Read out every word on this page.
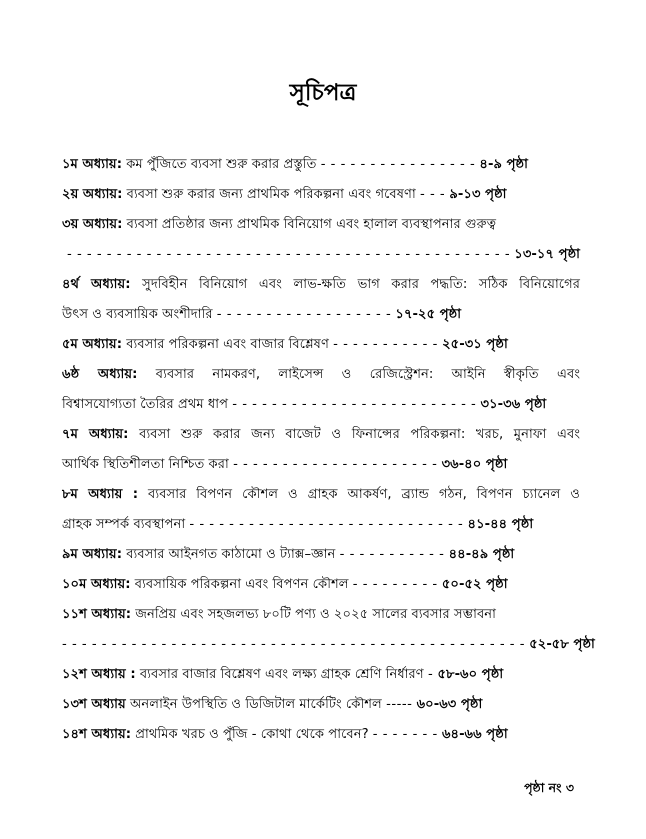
সূচিপত্র
১ম অধ্যায়: কম পুঁজিতে ব্যবসা শুরু করার প্রস্তুতি - - - - - - - - - - - - - - - - ৪-৯ পৃষ্ঠা
২য় অধ্যায়: ব্যবসা শুরু করার জন্য প্রাথমিক পরিকল্পনা এবং গবেষণা - - - ৯-১৩ পৃষ্ঠা
৩য় অধ্যায়: ব্যবসা প্রতিষ্ঠার জন্য প্রাথমিক বিনিয়োগ এবং হালাল ব্যবস্থাপনার গুরুত্ব
- - - - - - - - - - - - - - - - - - - - - - - - - - - - - - - - - - - - - - - - - - - - - ১৩-১৭ পৃষ্ঠা
৪র্থ অধ্যায়: সুদবিহীন বিনিয়োগ এবং লাভ-ক্ষতি ভাগ করার পদ্ধতি: সঠিক বিনিয়োগের
উৎস ও ব্যবসায়িক অংশীদারি - - - - - - - - - - - - - - - - - - ১৭-২৫ পৃষ্ঠা
৫ম অধ্যায়: ব্যবসার পরিকল্পনা এবং বাজার বিশ্লেষণ - - - - - - - - - - - ২৫-৩১ পৃষ্ঠা
৬ষ্ঠ অধ্যায়: ব্যবসার নামকরণ, লাইসেন্স ও রেজিস্ট্রেশন: আইনি স্বীকৃতি এবং
বিশ্বাসযোগ্যতা তৈরির প্রথম ধাপ - - - - - - - - - - - - - - - - - - - - - - - - - ৩১-৩৬ পৃষ্ঠা
৭ম অধ্যায়: ব্যবসা শুরু করার জন্য বাজেট ও ফিনান্সের পরিকল্পনা: খরচ, মুনাফা এবং
আর্থিক স্থিতিশীলতা নিশ্চিত করা - - - - - - - - - - - - - - - - - - - - - ৩৬-৪০ পৃষ্ঠা
৮ম অধ্যায় : ব্যবসার বিপণন কৌশল ও গ্রাহক আকর্ষণ, ব্র্যান্ড গঠন, বিপণন চ্যানেল ও
গ্রাহক সম্পর্ক ব্যবস্থাপনা - - - - - - - - - - - - - - - - - - - - - - - - - - - - ৪১-৪৪ পৃষ্ঠা
৯ম অধ্যায়: ব্যবসার আইনগত কাঠামো ও ট্যাক্স–জ্ঞান - - - - - - - - - - - ৪৪-৪৯ পৃষ্ঠা
১০ম অধ্যায়: ব্যবসায়িক পরিকল্পনা এবং বিপণন কৌশল - - - - - - - - - ৫০-৫২ পৃষ্ঠা
১১শ অধ্যায়: জনপ্রিয় এবং সহজলভ্য ৮০টি পণ্য ও ২০২৫ সালের ব্যবসার সম্ভাবনা
- - - - - - - - - - - - - - - - - - - - - - - - - - - - - - - - - - - - - - - - - - - - - - - ৫২-৫৮ পৃষ্ঠা
১২শ অধ্যায় : ব্যবসার বাজার বিশ্লেষণ এবং লক্ষ্য গ্রাহক শ্রেণি নির্ধারণ - ৫৮-৬০ পৃষ্ঠা
১৩শ অধ্যায় অনলাইন উপস্থিতি ও ডিজিটাল মার্কেটিং কৌশল ----- ৬০-৬৩ পৃষ্ঠা
১৪শ অধ্যায়: প্রাথমিক খরচ ও পুঁজি - কোথা থেকে পাবেন? - - - - - - - ৬৪-৬৬ পৃষ্ঠা
পৃষ্ঠা নং ৩
